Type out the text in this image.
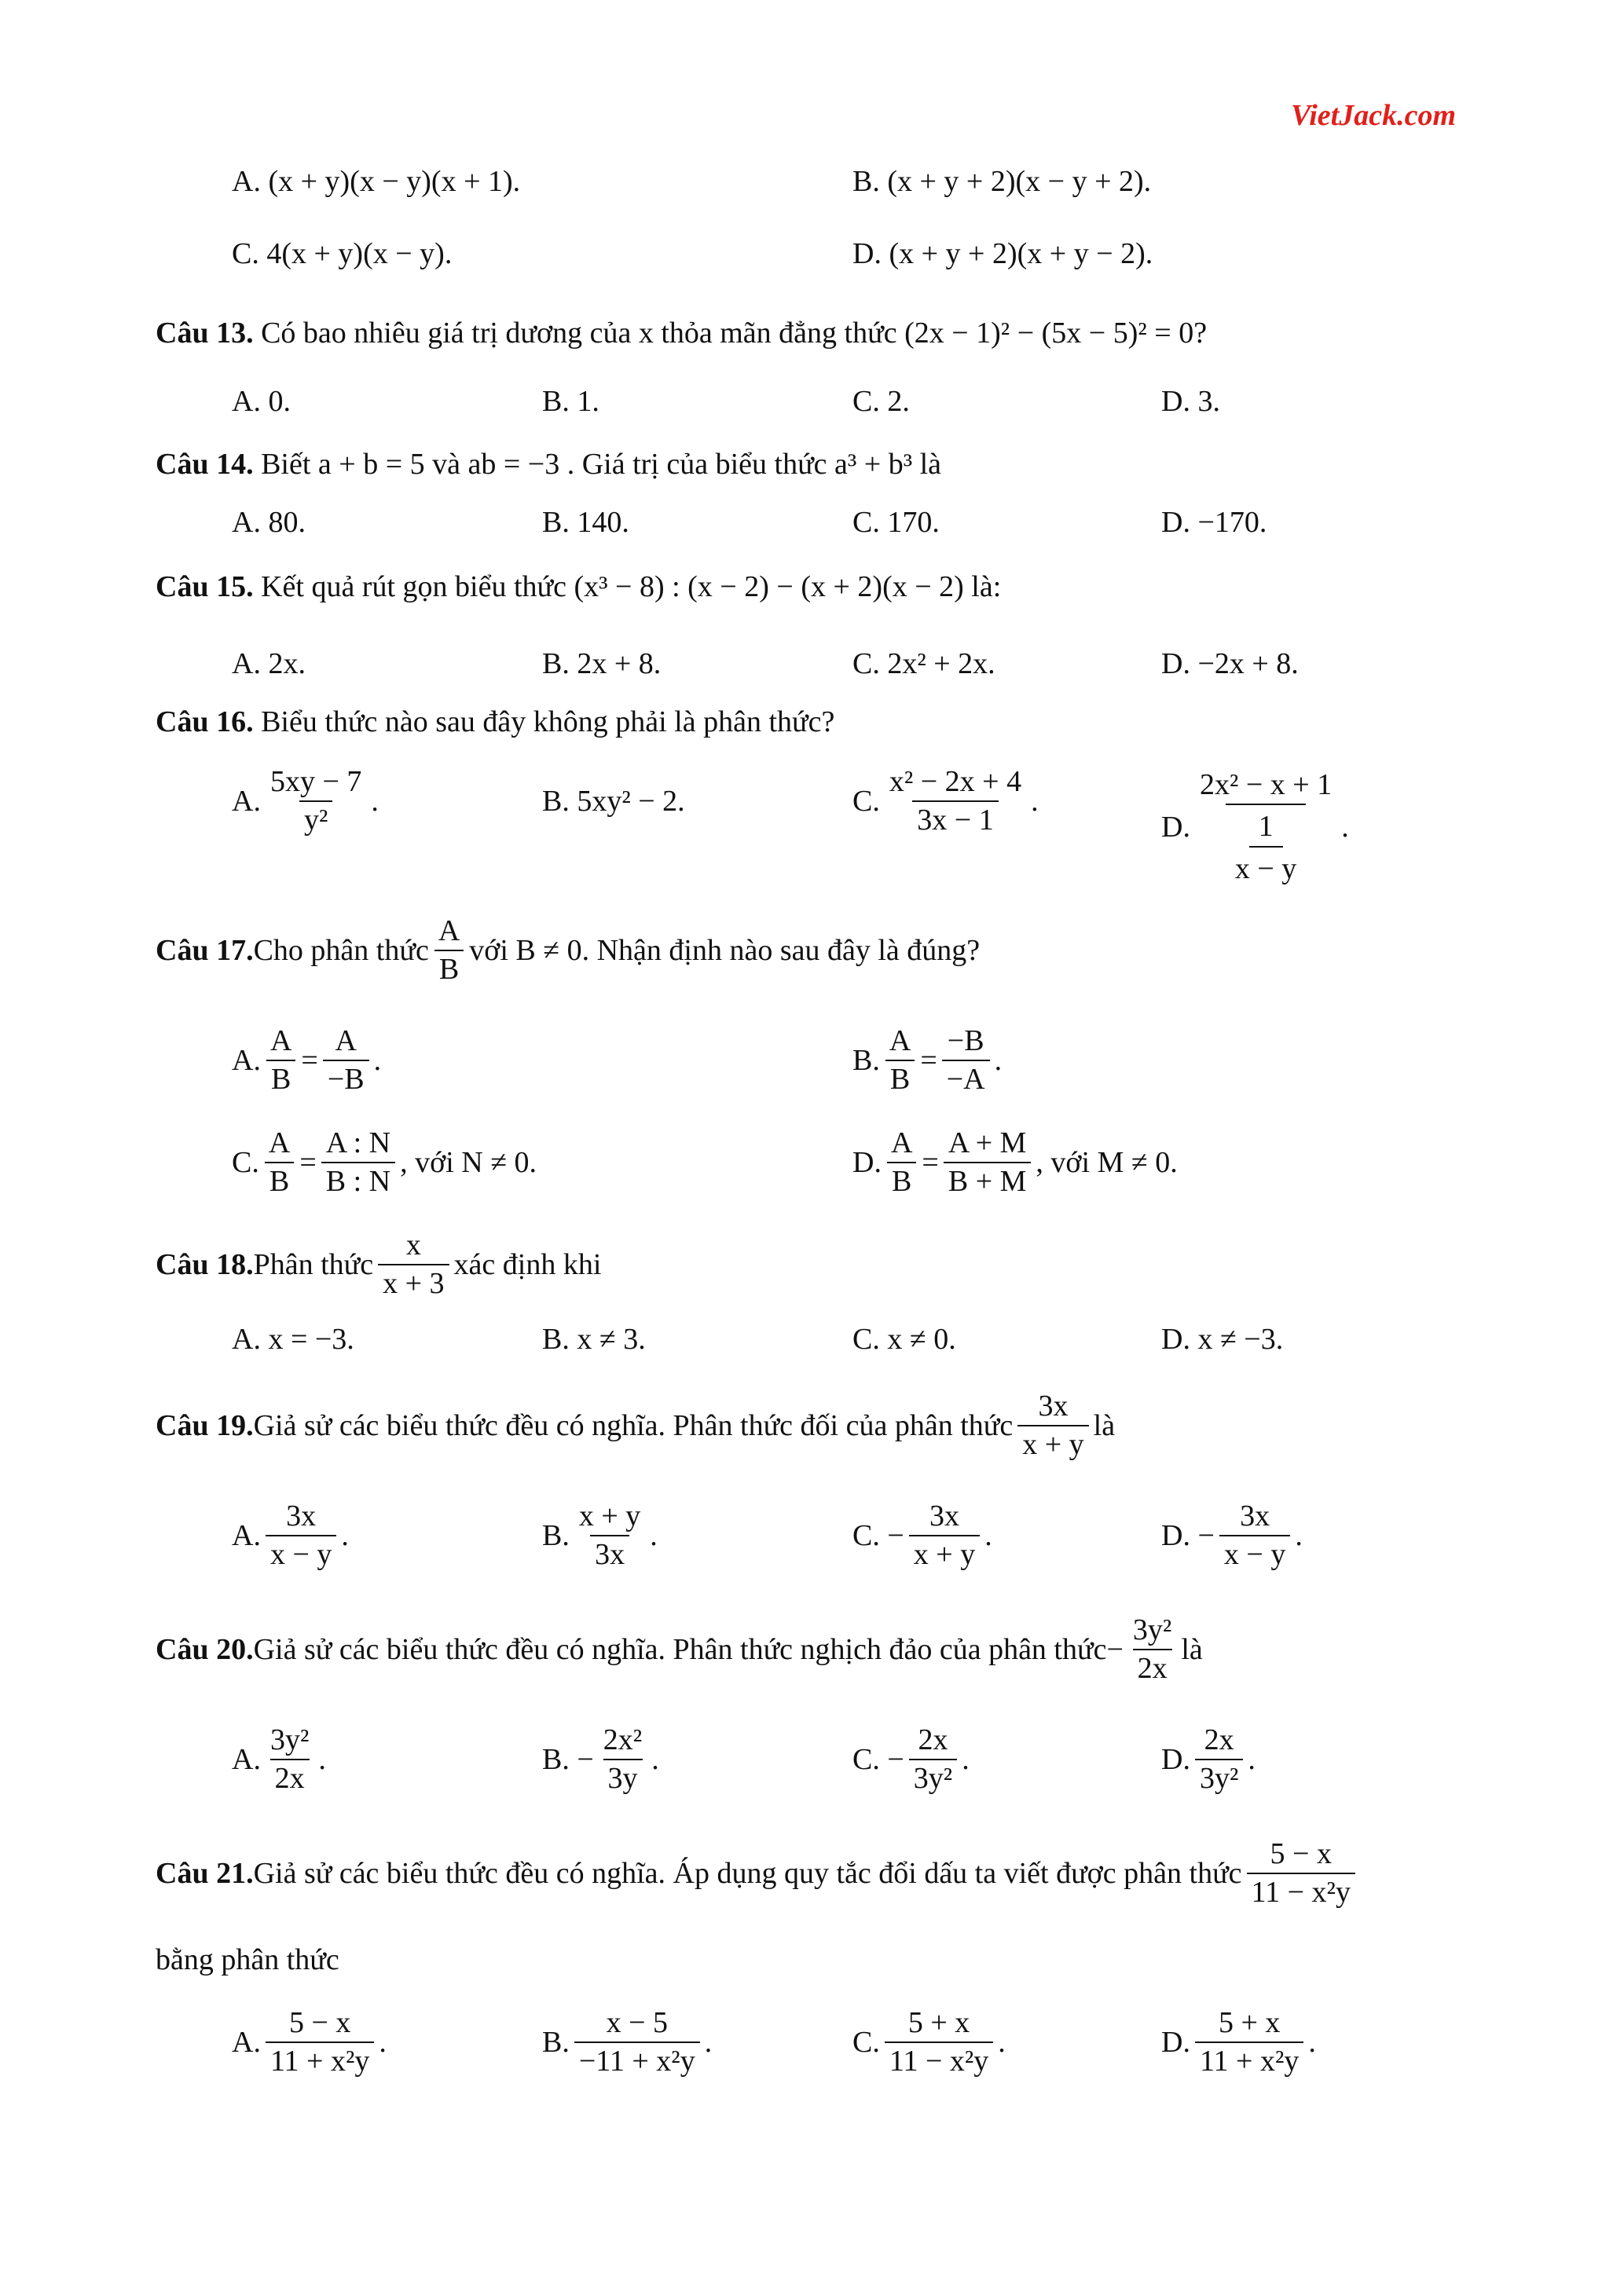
VietJack.com
A. (x + y)(x − y)(x + 1).	B. (x + y + 2)(x − y + 2).
C. 4(x + y)(x − y).	D. (x + y + 2)(x + y − 2).
Câu 13. Có bao nhiêu giá trị dương của x thỏa mãn đẳng thức (2x − 1)² − (5x − 5)² = 0?
A. 0.	B. 1.	C. 2.	D. 3.
Câu 14. Biết a + b = 5 và ab = −3 . Giá trị của biểu thức a³ + b³ là
A. 80.	B. 140.	C. 170.	D. −170.
Câu 15. Kết quả rút gọn biểu thức (x³ − 8) : (x − 2) − (x + 2)(x − 2) là:
A. 2x.	B. 2x + 8.	C. 2x² + 2x.	D. −2x + 8.
Câu 16. Biểu thức nào sau đây không phải là phân thức?
A. $\frac{5xy - 7}{\text{y²}}$ .	B.
5xy² − 2.	C. $\frac{\text{x² − 2x + 4}}{3x - 1}$ .
D. $\frac{\text{2x² − x + 1}}{\frac{1}{x - y}}$ .
Câu 17. Cho phân thức $\frac{A}{B}$ với B ≠ 0. Nhận định nào sau đây là đúng?
A. $\frac{A}{B} = \frac{A}{-B}$ .	B. $\frac{A}{B} = \frac{-B}{-A}$ .
C. $\frac{A}{B} = \frac{A : N}{B : N}$ , với N ≠ 0.	D. $\frac{A}{B} = \frac{A + M}{B + M}$ , với M ≠ 0.
Câu 18. Phân thức $\frac{x}{x + 3}$ xác định khi
A. x = −3.	B. x ≠ 3.	C. x ≠ 0.	D. x ≠ −3.
Câu 19. Giả sử các biểu thức đều có nghĩa. Phân thức đối của phân thức $\frac{3x}{x + y}$ là
A. $\frac{3x}{x - y}$ .	B. $\frac{x + y}{3x}$ .	C.
− $\frac{3x}{x + y}$ .	D.
− $\frac{3x}{x - y}$ .
Câu 20. Giả sử các biểu thức đều có nghĩa. Phân thức nghịch đảo của phân thức − $\frac{\text{3y²}}{2x}$ là
A. $\frac{\text{3y²}}{2x}$ .	B.
− $\frac{\text{2x²}}{3y}$ .	C.
− $\frac{2x}{\text{3y²}}$ .	D. $\frac{2x}{\text{3y²}}$ .
Câu 21. Giả sử các biểu thức đều có nghĩa. Áp dụng quy tắc đổi dấu ta viết được phân thức $\frac{5 - x}{\text{11 − x²y}}$
bằng phân thức
A. $\frac{5 - x}{\text{11 + x²y}}$ .	B. $\frac{x - 5}{\text{−11 + x²y}}$ .	C. $\frac{5 + x}{\text{11 − x²y}}$ .	D. $\frac{5 + x}{\text{11 + x²y}}$ .
